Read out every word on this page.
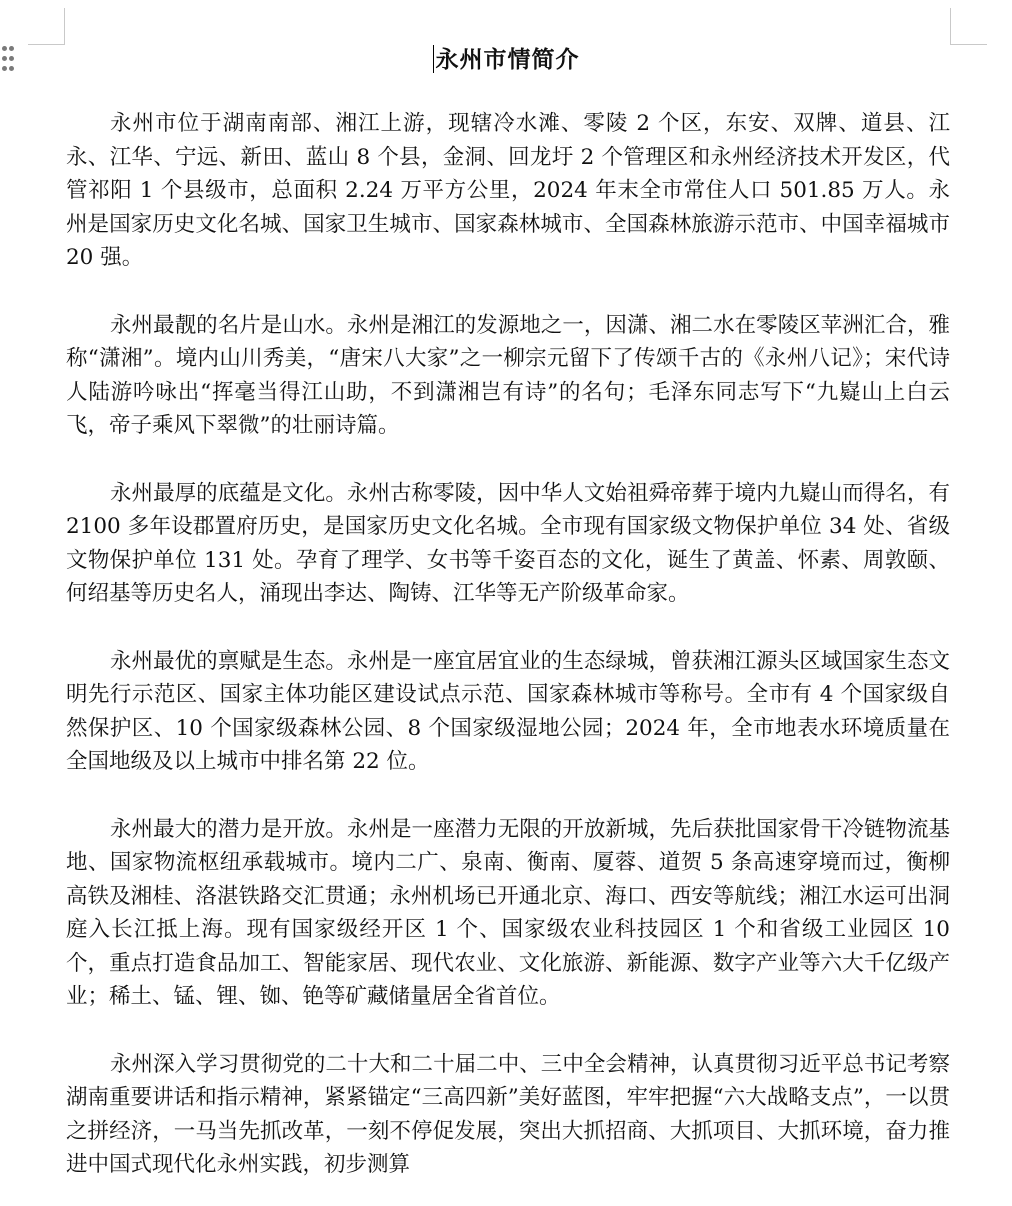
永州市情简介

永州市位于湖南南部、湘江上游，现辖冷水滩、零陵 2 个区，东安、双牌、道县、江永、江华、宁远、新田、蓝山 8 个县，金洞、回龙圩 2 个管理区和永州经济技术开发区，代管祁阳 1 个县级市，总面积 2.24 万平方公里，2024 年末全市常住人口 501.85 万人。永州是国家历史文化名城、国家卫生城市、国家森林城市、全国森林旅游示范市、中国幸福城市 20 强。

永州最靓的名片是山水。永州是湘江的发源地之一，因潇、湘二水在零陵区苹洲汇合，雅称“潇湘”。境内山川秀美，“唐宋八大家”之一柳宗元留下了传颂千古的《永州八记》；宋代诗人陆游吟咏出“挥毫当得江山助，不到潇湘岂有诗”的名句；毛泽东同志写下“九嶷山上白云飞，帝子乘风下翠微”的壮丽诗篇。

永州最厚的底蕴是文化。永州古称零陵，因中华人文始祖舜帝葬于境内九嶷山而得名，有 2100 多年设郡置府历史，是国家历史文化名城。全市现有国家级文物保护单位 34 处、省级文物保护单位 131 处。孕育了理学、女书等千姿百态的文化，诞生了黄盖、怀素、周敦颐、何绍基等历史名人，涌现出李达、陶铸、江华等无产阶级革命家。

永州最优的禀赋是生态。永州是一座宜居宜业的生态绿城，曾获湘江源头区域国家生态文明先行示范区、国家主体功能区建设试点示范、国家森林城市等称号。全市有 4 个国家级自然保护区、10 个国家级森林公园、8 个国家级湿地公园；2024 年，全市地表水环境质量在全国地级及以上城市中排名第 22 位。

永州最大的潜力是开放。永州是一座潜力无限的开放新城，先后获批国家骨干冷链物流基地、国家物流枢纽承载城市。境内二广、泉南、衡南、厦蓉、道贺 5 条高速穿境而过，衡柳高铁及湘桂、洛湛铁路交汇贯通；永州机场已开通北京、海口、西安等航线；湘江水运可出洞庭入长江抵上海。现有国家级经开区 1 个、国家级农业科技园区 1 个和省级工业园区 10 个，重点打造食品加工、智能家居、现代农业、文化旅游、新能源、数字产业等六大千亿级产业；稀土、锰、锂、铷、铯等矿藏储量居全省首位。

永州深入学习贯彻党的二十大和二十届二中、三中全会精神，认真贯彻习近平总书记考察湖南重要讲话和指示精神，紧紧锚定“三高四新”美好蓝图，牢牢把握“六大战略支点”，一以贯之拼经济，一马当先抓改革，一刻不停促发展，突出大抓招商、大抓项目、大抓环境，奋力推进中国式现代化永州实践，初步测算
